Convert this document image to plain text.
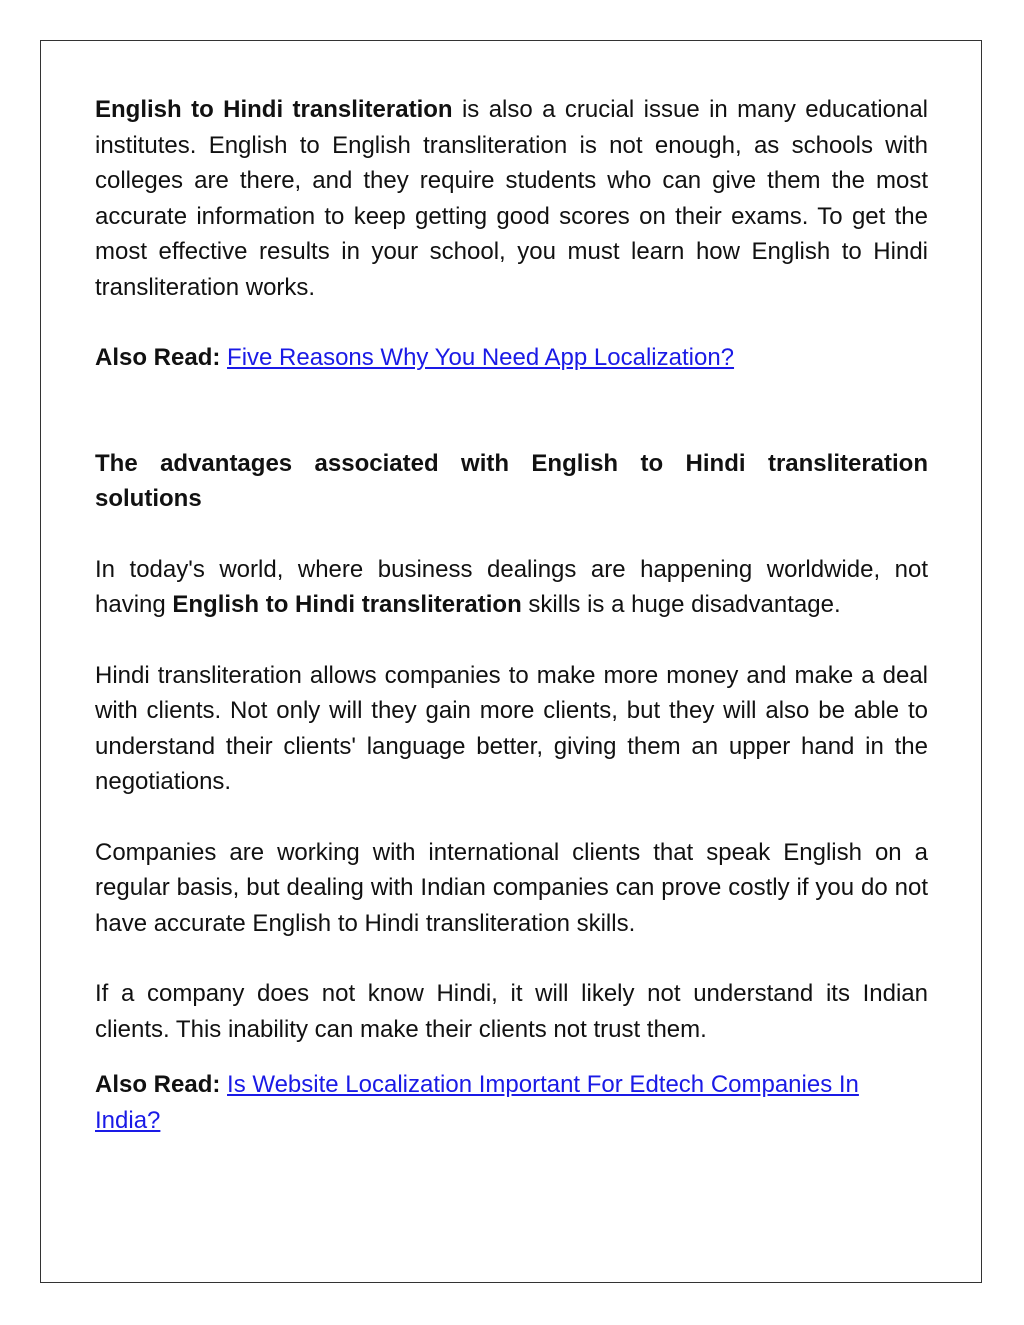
English to Hindi transliteration is also a crucial issue in many educational institutes. English to English transliteration is not enough, as schools with colleges are there, and they require students who can give them the most accurate information to keep getting good scores on their exams. To get the most effective results in your school, you must learn how English to Hindi transliteration works.

Also Read: Five Reasons Why You Need App Localization?

The advantages associated with English to Hindi transliteration solutions

In today's world, where business dealings are happening worldwide, not having English to Hindi transliteration skills is a huge disadvantage.

Hindi transliteration allows companies to make more money and make a deal with clients. Not only will they gain more clients, but they will also be able to understand their clients' language better, giving them an upper hand in the negotiations.

Companies are working with international clients that speak English on a regular basis, but dealing with Indian companies can prove costly if you do not have accurate English to Hindi transliteration skills.

If a company does not know Hindi, it will likely not understand its Indian clients. This inability can make their clients not trust them.

Also Read: Is Website Localization Important For Edtech Companies In India?
